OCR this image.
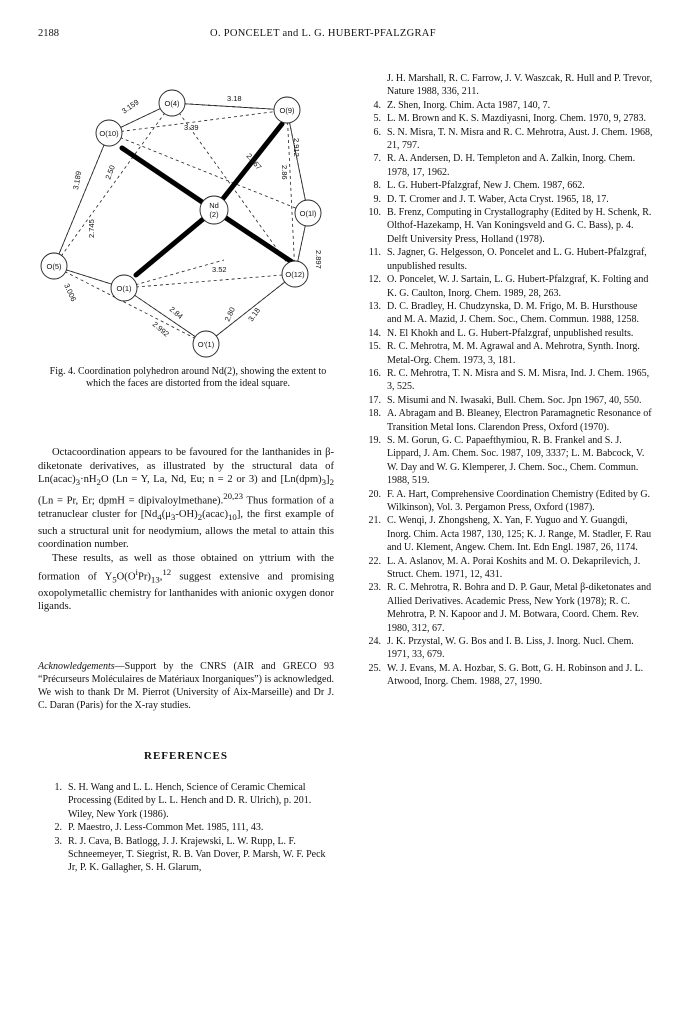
2188	O. PONCELET and L. G. HUBERT-PFALZGRAF
O(4)
O(9)
O(10)
O(1l)
O(5)
O(12)
O(1)
O'(1)
Nd
(2)
3.18
3.159
3.39
2.967
2.912
2.86
3.189	2.50
2.745
2.897
3.006
3.52
2.84
2.992
2.80 3.18
Fig. 4. Coordination polyhedron around Nd(2), showing the extent to which the faces are distorted from the ideal square.

Octacoordination appears to be favoured for the lanthanides in β-diketonate derivatives, as illustrated by the structural data of $Ln(acac)_3\cdot nH_2O$ (Ln = Y, La, Nd, Eu; n = 2 or 3) and $[Ln(dpm)_3]_2$ (Ln = Pr, Er; dpmH = dipivaloylmethane).$^{20,23}$ Thus formation of a tetranuclear cluster for $[Nd_4(\mu_3-OH)_2(acac)_{10}]$, the first example of such a structural unit for neodymium, allows the metal to attain this coordination number.

These results, as well as those obtained on yttrium with the formation of $Y_5O(O^iPr)_{13},^{12}$ suggest extensive and promising oxopolymetallic chemistry for lanthanides with anionic oxygen donor ligands.

Acknowledgements—Support by the CNRS (AIR and GRECO 93 “Précurseurs Moléculaires de Matériaux Inorganiques”) is acknowledged. We wish to thank Dr M. Pierrot (University of Aix-Marseille) and Dr J. C. Daran (Paris) for the X-ray studies.
REFERENCES
1. S. H. Wang and L. L. Hench, Science of Ceramic Chemical Processing (Edited by L. L. Hench and D. R. Ulrich), p. 201. Wiley, New York (1986).
2. P. Maestro, J. Less-Common Met. 1985, 111, 43.
3. R. J. Cava, B. Batlogg, J. J. Krajewski, L. W. Rupp, L. F. Schneemeyer, T. Siegrist, R. B. Van Dover, P. Marsh, W. F. Peck Jr, P. K. Gallagher, S. H. Glarum,
J. H. Marshall, R. C. Farrow, J. V. Waszcak, R. Hull and P. Trevor, Nature 1988, 336, 211.
4. Z. Shen, Inorg. Chim. Acta 1987, 140, 7.
5. L. M. Brown and K. S. Mazdiyasni, Inorg. Chem. 1970, 9, 2783.
6. S. N. Misra, T. N. Misra and R. C. Mehrotra, Aust. J. Chem. 1968, 21, 797.
7. R. A. Andersen, D. H. Templeton and A. Zalkin, Inorg. Chem. 1978, 17, 1962.
8. L. G. Hubert-Pfalzgraf, New J. Chem. 1987, 662.
9. D. T. Cromer and J. T. Waber, Acta Cryst. 1965, 18, 17.
10. B. Frenz, Computing in Crystallography (Edited by H. Schenk, R. Olthof-Hazekamp, H. Van Koningsveld and G. C. Bass), p. 4. Delft University Press, Holland (1978).
11. S. Jagner, G. Helgesson, O. Poncelet and L. G. Hubert-Pfalzgraf, unpublished results.
12. O. Poncelet, W. J. Sartain, L. G. Hubert-Pfalzgraf, K. Folting and K. G. Caulton, Inorg. Chem. 1989, 28, 263.
13. D. C. Bradley, H. Chudzynska, D. M. Frigo, M. B. Hursthouse and M. A. Mazid, J. Chem. Soc., Chem. Commun. 1988, 1258.
14. N. El Khokh and L. G. Hubert-Pfalzgraf, unpublished results.
15. R. C. Mehrotra, M. M. Agrawal and A. Mehrotra, Synth. Inorg. Metal-Org. Chem. 1973, 3, 181.
16. R. C. Mehrotra, T. N. Misra and S. M. Misra, Ind. J. Chem. 1965, 3, 525.
17. S. Misumi and N. Iwasaki, Bull. Chem. Soc. Jpn 1967, 40, 550.
18. A. Abragam and B. Bleaney, Electron Paramagnetic Resonance of Transition Metal Ions. Clarendon Press, Oxford (1970).
19. S. M. Gorun, G. C. Papaefthymiou, R. B. Frankel and S. J. Lippard, J. Am. Chem. Soc. 1987, 109, 3337; L. M. Babcock, V. W. Day and W. G. Klemperer, J. Chem. Soc., Chem. Commun. 1988, 519.
20. F. A. Hart, Comprehensive Coordination Chemistry (Edited by G. Wilkinson), Vol. 3. Pergamon Press, Oxford (1987).
21. C. Wenqi, J. Zhongsheng, X. Yan, F. Yuguo and Y. Guangdi, Inorg. Chim. Acta 1987, 130, 125; K. J. Range, M. Stadler, F. Rau and U. Klement, Angew. Chem. Int. Edn Engl. 1987, 26, 1174.
22. L. A. Aslanov, M. A. Porai Koshits and M. O. Dekaprilevich, J. Struct. Chem. 1971, 12, 431.
23. R. C. Mehrotra, R. Bohra and D. P. Gaur, Metal β-diketonates and Allied Derivatives. Academic Press, New York (1978); R. C. Mehrotra, P. N. Kapoor and J. M. Botwara, Coord. Chem. Rev. 1980, 312, 67.
24. J. K. Przystal, W. G. Bos and I. B. Liss, J. Inorg. Nucl. Chem. 1971, 33, 679.
25. W. J. Evans, M. A. Hozbar, S. G. Bott, G. H. Robinson and J. L. Atwood, Inorg. Chem. 1988, 27, 1990.
